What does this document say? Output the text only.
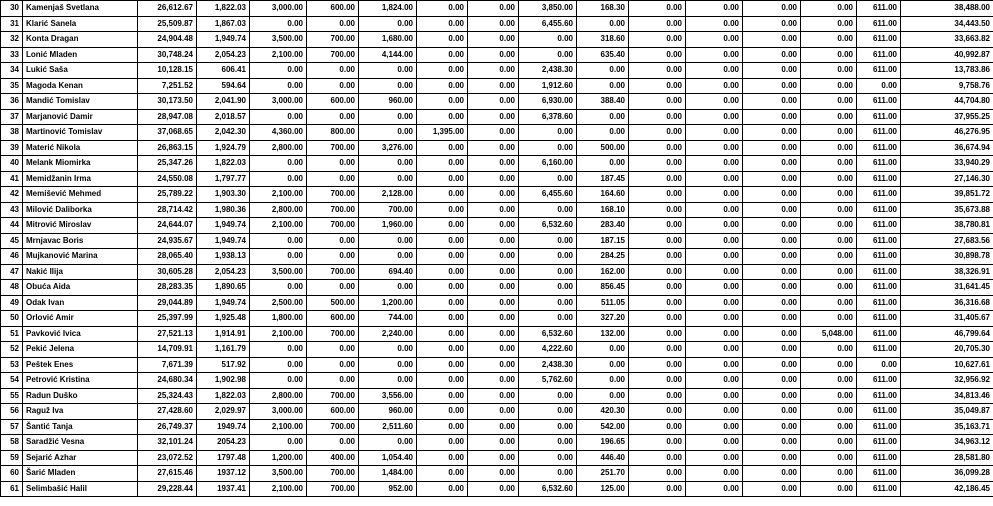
30	Kamenjaš Svetlana	26,612.67	1,822.03	3,000.00	600.00	1,824.00	0.00	0.00	3,850.00	168.30	0.00	0.00	0.00	0.00	611.00	38,488.00
31	Klarić Sanela	25,509.87	1,867.03	0.00	0.00	0.00	0.00	0.00	6,455.60	0.00	0.00	0.00	0.00	0.00	611.00	34,443.50
32	Konta Dragan	24,904.48	1,949.74	3,500.00	700.00	1,680.00	0.00	0.00	0.00	318.60	0.00	0.00	0.00	0.00	611.00	33,663.82
33	Lonić Mladen	30,748.24	2,054.23	2,100.00	700.00	4,144.00	0.00	0.00	0.00	635.40	0.00	0.00	0.00	0.00	611.00	40,992.87
34	Lukić Saša	10,128.15	606.41	0.00	0.00	0.00	0.00	0.00	2,438.30	0.00	0.00	0.00	0.00	0.00	611.00	13,783.86
35	Magoda Kenan	7,251.52	594.64	0.00	0.00	0.00	0.00	0.00	1,912.60	0.00	0.00	0.00	0.00	0.00	0.00	9,758.76
36	Mandić Tomislav	30,173.50	2,041.90	3,000.00	600.00	960.00	0.00	0.00	6,930.00	388.40	0.00	0.00	0.00	0.00	611.00	44,704.80
37	Marjanović Damir	28,947.08	2,018.57	0.00	0.00	0.00	0.00	0.00	6,378.60	0.00	0.00	0.00	0.00	0.00	611.00	37,955.25
38	Martinović Tomislav	37,068.65	2,042.30	4,360.00	800.00	0.00	1,395.00	0.00	0.00	0.00	0.00	0.00	0.00	0.00	611.00	46,276.95
39	Materić Nikola	26,863.15	1,924.79	2,800.00	700.00	3,276.00	0.00	0.00	0.00	500.00	0.00	0.00	0.00	0.00	611.00	36,674.94
40	Melank Miomirka	25,347.26	1,822.03	0.00	0.00	0.00	0.00	0.00	6,160.00	0.00	0.00	0.00	0.00	0.00	611.00	33,940.29
41	Memidžanin Irma	24,550.08	1,797.77	0.00	0.00	0.00	0.00	0.00	0.00	187.45	0.00	0.00	0.00	0.00	611.00	27,146.30
42	Memišević Mehmed	25,789.22	1,903.30	2,100.00	700.00	2,128.00	0.00	0.00	6,455.60	164.60	0.00	0.00	0.00	0.00	611.00	39,851.72
43	Milović Daliborka	28,714.42	1,980.36	2,800.00	700.00	700.00	0.00	0.00	0.00	168.10	0.00	0.00	0.00	0.00	611.00	35,673.88
44	Mitrović Miroslav	24,644.07	1,949.74	2,100.00	700.00	1,960.00	0.00	0.00	6,532.60	283.40	0.00	0.00	0.00	0.00	611.00	38,780.81
45	Mrnjavac Boris	24,935.67	1,949.74	0.00	0.00	0.00	0.00	0.00	0.00	187.15	0.00	0.00	0.00	0.00	611.00	27,683.56
46	Mujkanović Marina	28,065.40	1,938.13	0.00	0.00	0.00	0.00	0.00	0.00	284.25	0.00	0.00	0.00	0.00	611.00	30,898.78
47	Nakić Ilija	30,605.28	2,054.23	3,500.00	700.00	694.40	0.00	0.00	0.00	162.00	0.00	0.00	0.00	0.00	611.00	38,326.91
48	Obuća Aida	28,283.35	1,890.65	0.00	0.00	0.00	0.00	0.00	0.00	856.45	0.00	0.00	0.00	0.00	611.00	31,641.45
49	Odak Ivan	29,044.89	1,949.74	2,500.00	500.00	1,200.00	0.00	0.00	0.00	511.05	0.00	0.00	0.00	0.00	611.00	36,316.68
50	Orlović Amir	25,397.99	1,925.48	1,800.00	600.00	744.00	0.00	0.00	0.00	327.20	0.00	0.00	0.00	0.00	611.00	31,405.67
51	Pavković Ivica	27,521.13	1,914.91	2,100.00	700.00	2,240.00	0.00	0.00	6,532.60	132.00	0.00	0.00	0.00	5,048.00	611.00	46,799.64
52	Pekić Jelena	14,709.91	1,161.79	0.00	0.00	0.00	0.00	0.00	4,222.60	0.00	0.00	0.00	0.00	0.00	611.00	20,705.30
53	Peštek Enes	7,671.39	517.92	0.00	0.00	0.00	0.00	0.00	2,438.30	0.00	0.00	0.00	0.00	0.00	0.00	10,627.61
54	Petrović Kristina	24,680.34	1,902.98	0.00	0.00	0.00	0.00	0.00	5,762.60	0.00	0.00	0.00	0.00	0.00	611.00	32,956.92
55	Radun Duško	25,324.43	1,822.03	2,800.00	700.00	3,556.00	0.00	0.00	0.00	0.00	0.00	0.00	0.00	0.00	611.00	34,813.46
56	Raguž Iva	27,428.60	2,029.97	3,000.00	600.00	960.00	0.00	0.00	0.00	420.30	0.00	0.00	0.00	0.00	611.00	35,049.87
57	Šantić Tanja	26,749.37	1949.74	2,100.00	700.00	2,511.60	0.00	0.00	0.00	542.00	0.00	0.00	0.00	0.00	611.00	35,163.71
58	Saradžić Vesna	32,101.24	2054.23	0.00	0.00	0.00	0.00	0.00	0.00	196.65	0.00	0.00	0.00	0.00	611.00	34,963.12
59	Sejarić Azhar	23,072.52	1797.48	1,200.00	400.00	1,054.40	0.00	0.00	0.00	446.40	0.00	0.00	0.00	0.00	611.00	28,581.80
60	Šarić Mladen	27,615.46	1937.12	3,500.00	700.00	1,484.00	0.00	0.00	0.00	251.70	0.00	0.00	0.00	0.00	611.00	36,099.28
61	Selimbašić Halil	29,228.44	1937.41	2,100.00	700.00	952.00	0.00	0.00	6,532.60	125.00	0.00	0.00	0.00	0.00	611.00	42,186.45
